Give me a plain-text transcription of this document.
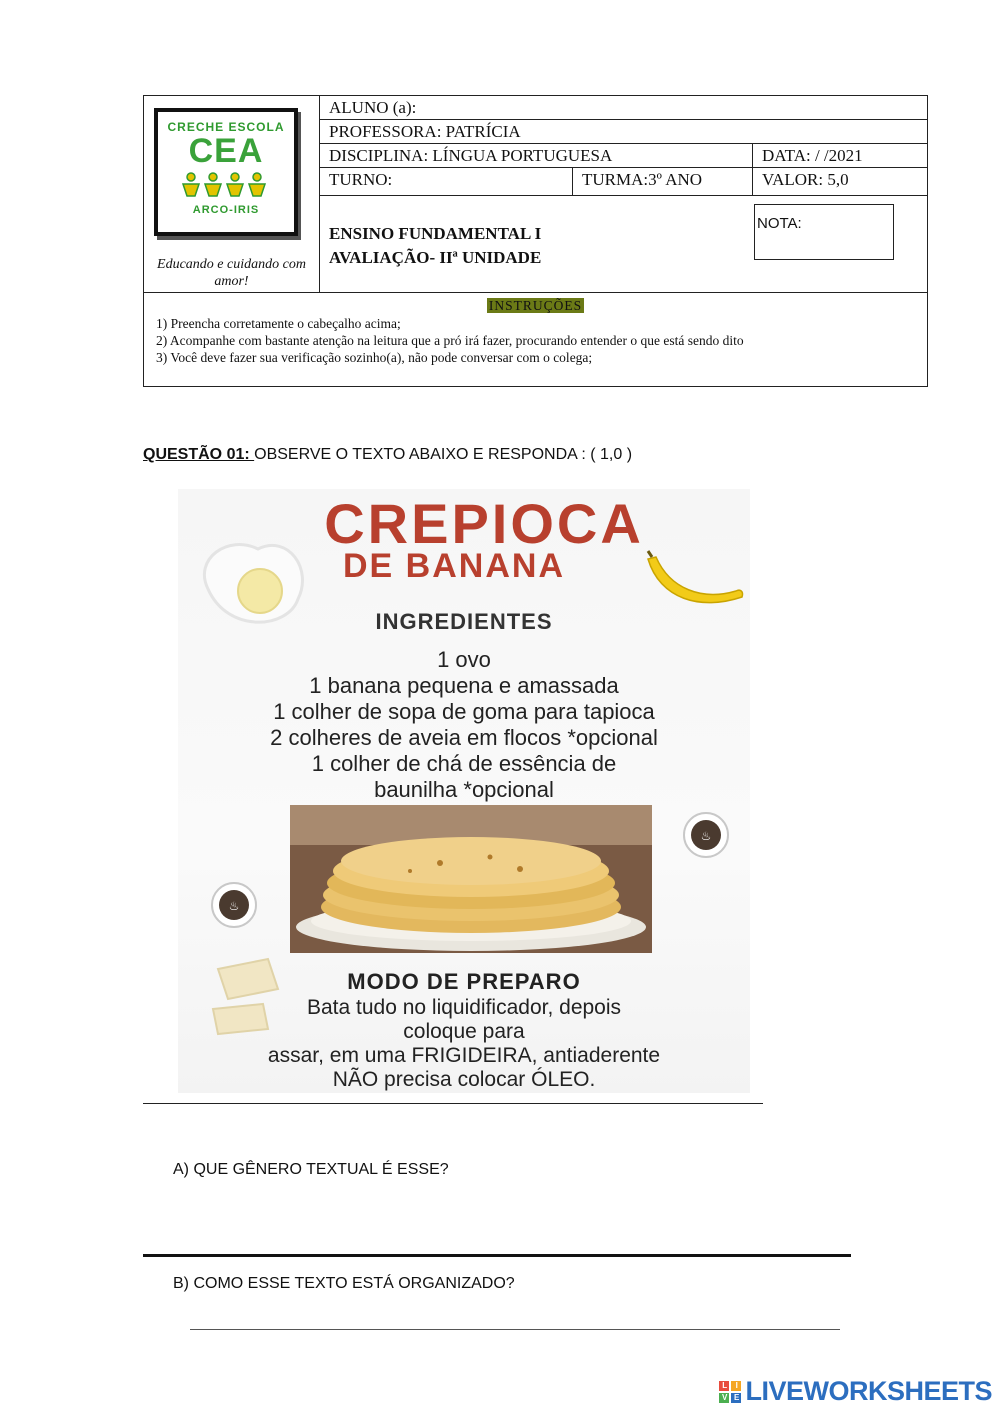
CRECHE ESCOLA
CEA
ARCO-IRIS
Educando e cuidando com amor!
ALUNO (a):
PROFESSORA: PATRÍCIA
DISCIPLINA: LÍNGUA PORTUGUESA	DATA: / /2021
TURNO:	TURMA:3º ANO	VALOR: 5,0
ENSINO FUNDAMENTAL I
AVALIAÇÃO- IIª UNIDADE
NOTA:
INSTRUÇÕES

1) Preencha corretamente o cabeçalho acima;

2) Acompanhe com bastante atenção na leitura que a pró irá fazer, procurando entender o que está sendo dito

3) Você deve fazer sua verificação sozinho(a), não pode conversar com o colega;

QUESTÃO 01: OBSERVE O TEXTO ABAIXO E RESPONDA : ( 1,0 )
♨
♨
CREPIOCA
DE BANANA
INGREDIENTES
1 ovo
1 banana pequena e amassada
1 colher de sopa de goma para tapioca
2 colheres de aveia em flocos *opcional
1 colher de chá de essência de
baunilha *opcional
MODO DE PREPARO
Bata tudo no liquidificador, depois
coloque para
assar, em uma FRIGIDEIRA, antiaderente
NÃO precisa colocar ÓLEO.
A) QUE GÊNERO TEXTUAL É ESSE?
B) COMO ESSE TEXTO ESTÁ ORGANIZADO?
L	I
V E LIVEWORKSHEETS
